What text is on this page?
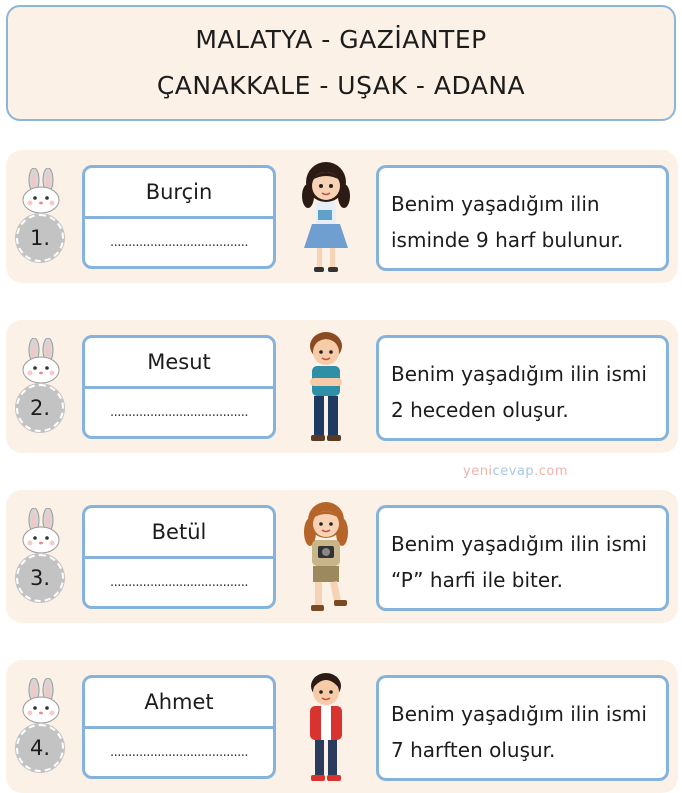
MALATYA - GAZİANTEP
ÇANAKKALE - UŞAK - ADANA
1.
Burçin
......................................
Benim yaşadığım ilin
isminde 9 harf bulunur.
2.
Mesut
......................................
Benim yaşadığım ilin ismi
2 heceden oluşur.
yenicevap.com
3.
Betül
......................................
Benim yaşadığım ilin ismi
“P” harfi ile biter.
4.
Ahmet
......................................
Benim yaşadığım ilin ismi
7 harften oluşur.
